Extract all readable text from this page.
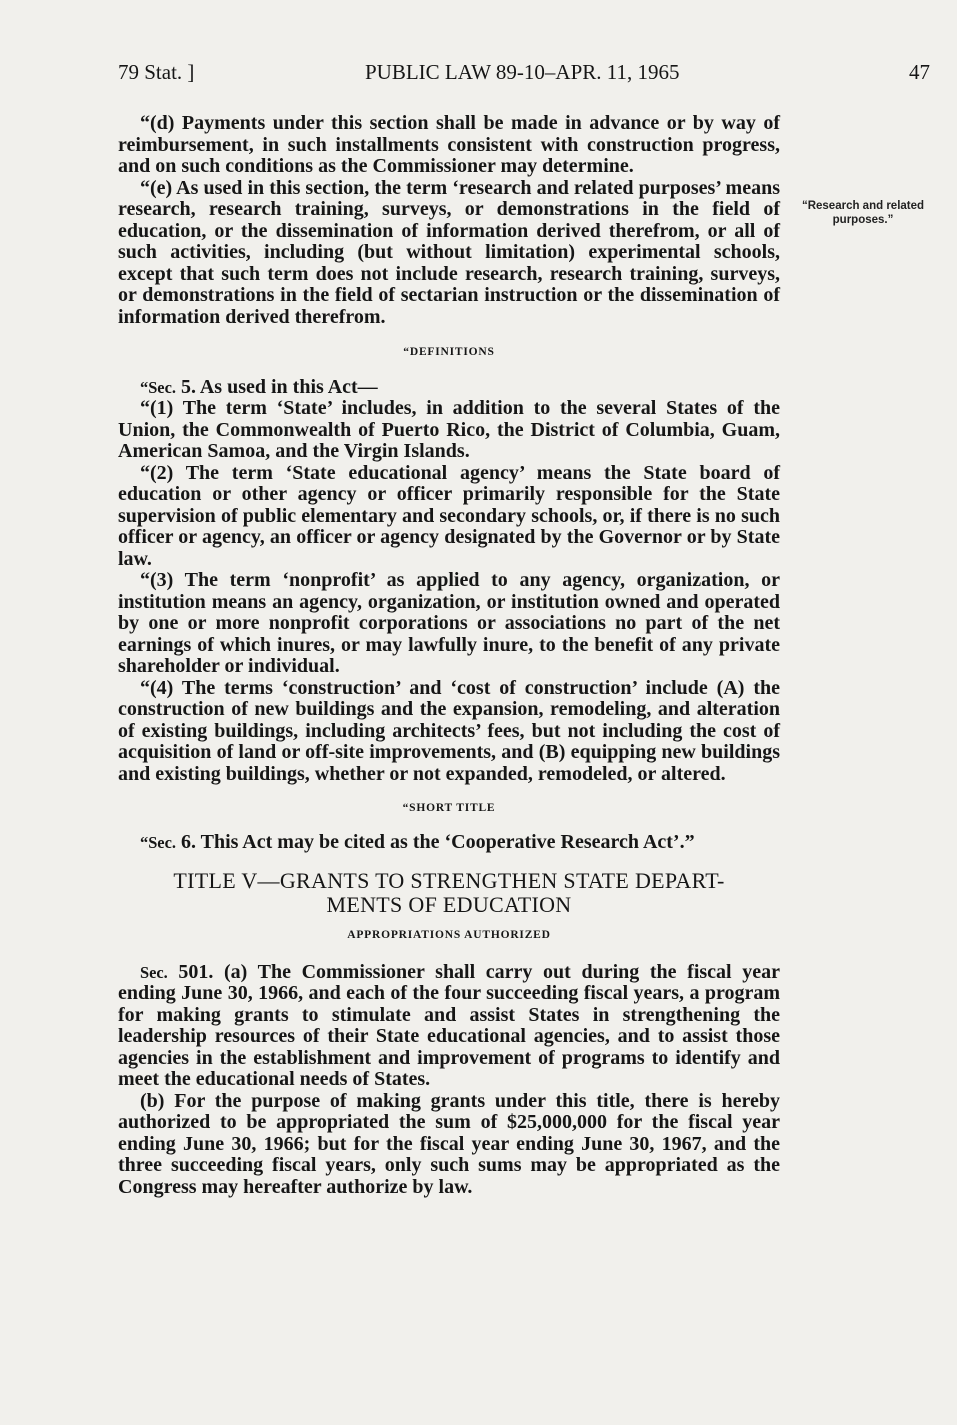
79 Stat. ]	PUBLIC LAW 89-10–APR. 11, 1965	47
“Research and related purposes.”

“(d) Payments under this section shall be made in advance or by way of reimbursement, in such installments consistent with construction progress, and on such conditions as the Commissioner may determine.

“(e) As used in this section, the term ‘research and related purposes’ means research, research training, surveys, or demonstrations in the field of education, or the dissemination of information derived therefrom, or all of such activities, including (but without limitation) experimental schools, except that such term does not include research, research training, surveys, or demonstrations in the field of sectarian instruction or the dissemination of information derived therefrom.

“DEFINITIONS

“Sec. 5. As used in this Act—

“(1) The term ‘State’ includes, in addition to the several States of the Union, the Commonwealth of Puerto Rico, the District of Columbia, Guam, American Samoa, and the Virgin Islands.

“(2) The term ‘State educational agency’ means the State board of education or other agency or officer primarily responsible for the State supervision of public elementary and secondary schools, or, if there is no such officer or agency, an officer or agency designated by the Governor or by State law.

“(3) The term ‘nonprofit’ as applied to any agency, organization, or institution means an agency, organization, or institution owned and operated by one or more nonprofit corporations or associations no part of the net earnings of which inures, or may lawfully inure, to the benefit of any private shareholder or individual.

“(4) The terms ‘construction’ and ‘cost of construction’ include (A) the construction of new buildings and the expansion, remodeling, and alteration of existing buildings, including architects’ fees, but not including the cost of acquisition of land or off-site improvements, and (B) equipping new buildings and existing buildings, whether or not expanded, remodeled, or altered.

“SHORT TITLE

“Sec. 6. This Act may be cited as the ‘Cooperative Research Act’.”

TITLE V—GRANTS TO STRENGTHEN STATE DEPART-
MENTS OF EDUCATION
APPROPRIATIONS AUTHORIZED

Sec. 501. (a) The Commissioner shall carry out during the fiscal year ending June 30, 1966, and each of the four succeeding fiscal years, a program for making grants to stimulate and assist States in strengthening the leadership resources of their State educational agencies, and to assist those agencies in the establishment and improvement of programs to identify and meet the educational needs of States.

(b) For the purpose of making grants under this title, there is hereby authorized to be appropriated the sum of $25,000,000 for the fiscal year ending June 30, 1966; but for the fiscal year ending June 30, 1967, and the three succeeding fiscal years, only such sums may be appropriated as the Congress may hereafter authorize by law.
